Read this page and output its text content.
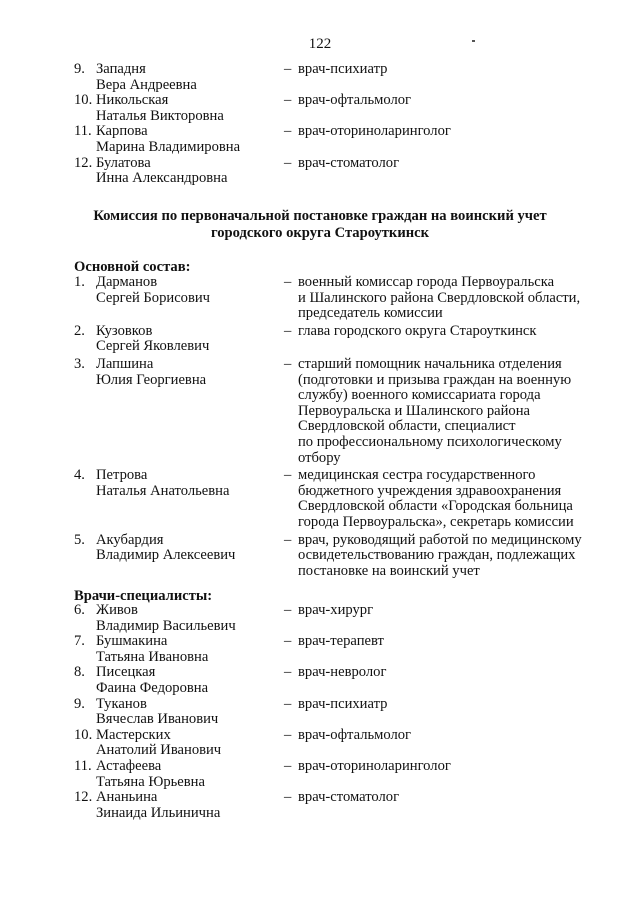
122
9. Западня
Вера Андреевна
– врач-психиатр
10. Никольская
Наталья Викторовна
– врач-офтальмолог
11. Карпова
Марина Владимировна
– врач-оториноларинголог
12. Булатова
Инна Александровна
– врач-стоматолог
Комиссия по первоначальной постановке граждан на воинский учет
городского округа Староуткинск
Основной состав:
1. Дарманов
Сергей Борисович
– военный комиссар города Первоуральска
и Шалинского района Свердловской области,
председатель комиссии
2. Кузовков
Сергей Яковлевич
– глава городского округа Староуткинск
3. Лапшина
Юлия Георгиевна
– старший помощник начальника отделения
(подготовки и призыва граждан на военную
службу) военного комиссариата города
Первоуральска и Шалинского района
Свердловской области, специалист
по профессиональному психологическому
отбору
4. Петрова
Наталья Анатольевна
– медицинская сестра государственного
бюджетного учреждения здравоохранения
Свердловской области «Городская больница
города Первоуральска», секретарь комиссии
5. Акубардия
Владимир Алексеевич
– врач, руководящий работой по медицинскому
освидетельствованию граждан, подлежащих
постановке на воинский учет
Врачи-специалисты:
6. Живов
Владимир Васильевич
– врач-хирург
7. Бушмакина
Татьяна Ивановна
– врач-терапевт
8. Писецкая
Фаина Федоровна
– врач-невролог
9. Туканов
Вячеслав Иванович
– врач-психиатр
10. Мастерских
Анатолий Иванович
– врач-офтальмолог
11. Астафеева
Татьяна Юрьевна
– врач-оториноларинголог
12. Ананьина
Зинаида Ильинична
– врач-стоматолог
